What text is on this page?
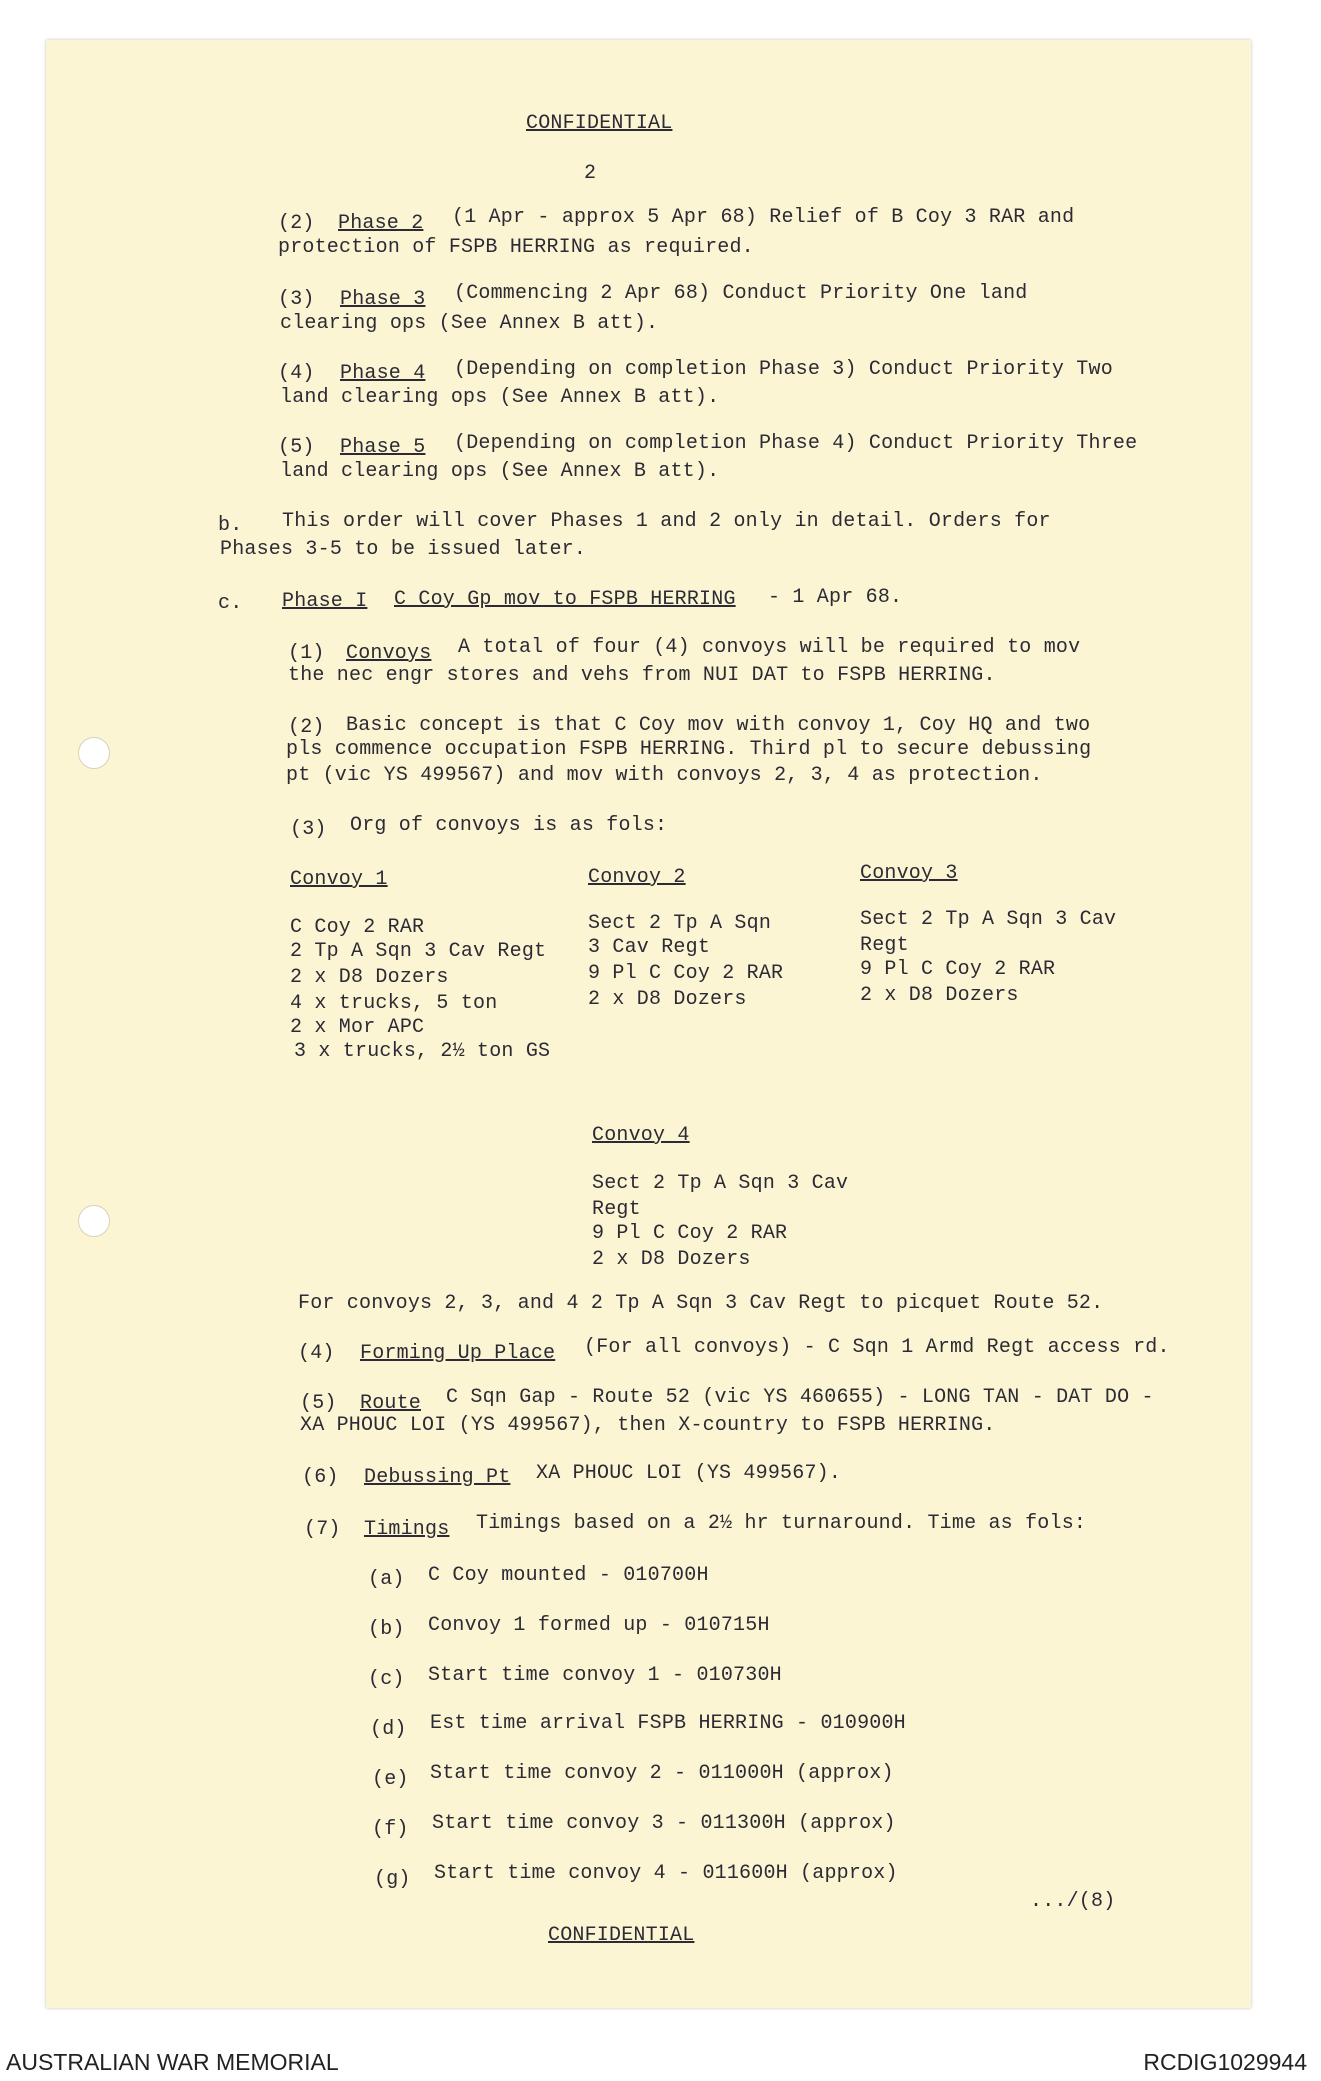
CONFIDENTIAL
2
(2) Phase 2 (1 Apr - approx 5 Apr 68) Relief of B Coy 3 RAR and
protection of FSPB HERRING as required.
(3) Phase 3 (Commencing 2 Apr 68) Conduct Priority One land
clearing ops (See Annex B att).
(4) Phase 4 (Depending on completion Phase 3) Conduct Priority Two
land clearing ops (See Annex B att).
(5) Phase 5 (Depending on completion Phase 4) Conduct Priority Three
land clearing ops (See Annex B att).
b. This order will cover Phases 1 and 2 only in detail. Orders for
Phases 3-5 to be issued later.
c. Phase I C Coy Gp mov to FSPB HERRING - 1 Apr 68.
(1) Convoys A total of four (4) convoys will be required to mov
the nec engr stores and vehs from NUI DAT to FSPB HERRING.
(2) Basic concept is that C Coy mov with convoy 1, Coy HQ and two
pls commence occupation FSPB HERRING. Third pl to secure debussing
pt (vic YS 499567) and mov with convoys 2, 3, 4 as protection.
(3) Org of convoys is as fols:
Convoy 1
C Coy 2 RAR
2 Tp A Sqn 3 Cav Regt
2 x D8 Dozers
4 x trucks, 5 ton
2 x Mor APC
3 x trucks, 2½ ton GS
Convoy 2
Sect 2 Tp A Sqn
3 Cav Regt
9 Pl C Coy 2 RAR
2 x D8 Dozers
Convoy 3
Sect 2 Tp A Sqn 3 Cav
Regt
9 Pl C Coy 2 RAR
2 x D8 Dozers
Convoy 4
Sect 2 Tp A Sqn 3 Cav
Regt
9 Pl C Coy 2 RAR
2 x D8 Dozers
For convoys 2, 3, and 4 2 Tp A Sqn 3 Cav Regt to picquet Route 52.
(4) Forming Up Place (For all convoys) - C Sqn 1 Armd Regt access rd.
(5) Route C Sqn Gap - Route 52 (vic YS 460655) - LONG TAN - DAT DO -
XA PHOUC LOI (YS 499567), then X-country to FSPB HERRING.
(6) Debussing Pt XA PHOUC LOI (YS 499567).
(7) Timings Timings based on a 2½ hr turnaround. Time as fols:
(a) C Coy mounted - 010700H
(b) Convoy 1 formed up - 010715H
(c) Start time convoy 1 - 010730H
(d) Est time arrival FSPB HERRING - 010900H
(e) Start time convoy 2 - 011000H (approx)
(f) Start time convoy 3 - 011300H (approx)
(g) Start time convoy 4 - 011600H (approx)
.../(8)
CONFIDENTIAL
AUSTRALIAN WAR MEMORIAL	RCDIG1029944
